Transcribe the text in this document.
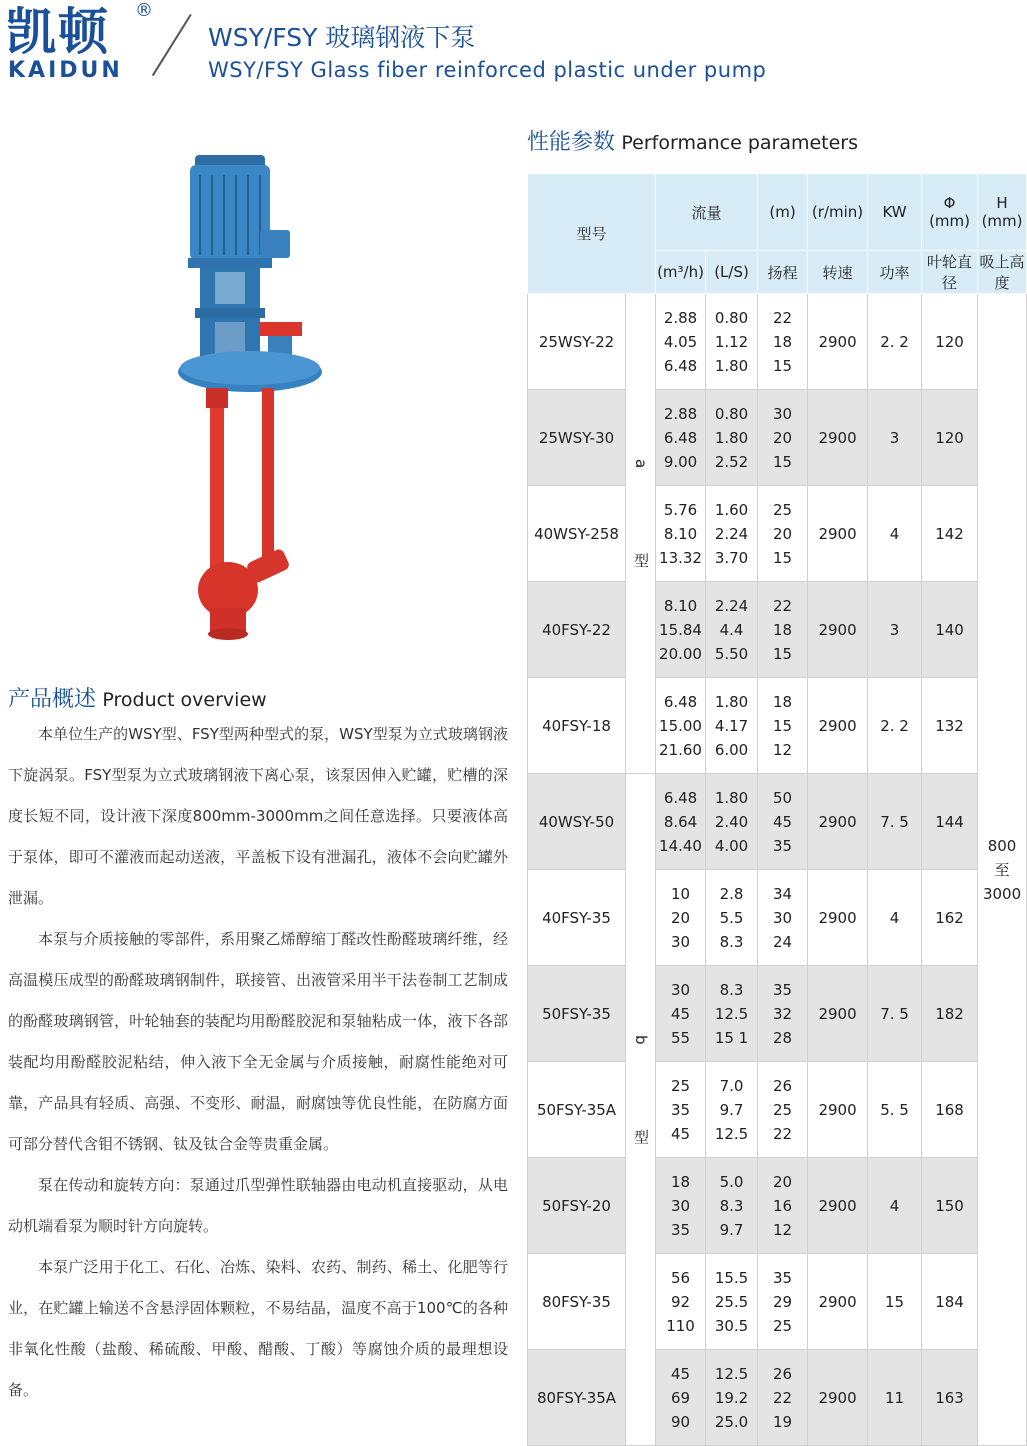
凯顿 ®
KAIDUN
WSY/FSY 玻璃钢液下泵
WSY/FSY Glass fiber reinforced plastic under pump
性能参数 Performance parameters
型号		流量		(m)	(r/min)	KW	Φ (mm)	H (mm)
		(m³/h)	(L/S)	扬程	转速	功率	叶轮直径	吸上高度
25WSY-22	a 型	2.88
4.05
6.48	0.80
1.12
1.80	22
18
15	2900	2. 2	120	800 至 3000
25WSY-30		2.88
6.48
9.00	0.80
1.80
2.52	30
20
15	2900	3	120	
40WSY-258		5.76
8.10
13.32	1.60
2.24
3.70	25
20
15	2900	4	142	
40FSY-22		8.10
15.84
20.00	2.24
4.4
5.50	22
18
15	2900	3	140	
40FSY-18		6.48
15.00
21.60	1.80
4.17
6.00	18
15
12	2900	2. 2	132	
40WSY-50	b 型	6.48
8.64
14.40	1.80
2.40
4.00	50
45
35	2900	7. 5	144	
40FSY-35		10
20
30	2.8
5.5
8.3	34
30
24	2900	4	162	
50FSY-35		30
45
55	8.3
12.5
15 1	35
32
28	2900	7. 5	182	
50FSY-35A		25
35
45	7.0
9.7
12.5	26
25
22	2900	5. 5	168	
50FSY-20		18
30
35	5.0
8.3
9.7	20
16
12	2900	4	150	
80FSY-35		56
92
110	15.5
25.5
30.5	35
29
25	2900	15	184	
80FSY-35A		45
69
90	12.5
19.2
25.0	26
22
19	2900	11	163	
产品概述 Product overview

本单位生产的WSY型、FSY型两种型式的泵，WSY型泵为立式玻璃钢液下旋涡泵。FSY型泵为立式玻璃钢液下离心泵，该泵因伸入贮罐，贮槽的深度长短不同，设计液下深度800mm-3000mm之间任意选择。只要液体高于泵体，即可不灌液而起动送液，平盖板下设有泄漏孔，液体不会向贮罐外泄漏。

本泵与介质接触的零部件，系用聚乙烯醇缩丁醛改性酚醛玻璃纤维，经高温模压成型的酚醛玻璃钢制件，联接管、出液管采用半干法卷制工艺制成的酚醛玻璃钢管，叶轮轴套的装配均用酚醛胶泥和泵轴粘成一体，液下各部装配均用酚醛胶泥粘结，伸入液下全无金属与介质接触，耐腐性能绝对可靠，产品具有轻质、高强、不变形、耐温，耐腐蚀等优良性能，在防腐方面可部分替代含钼不锈钢、钛及钛合金等贵重金属。

泵在传动和旋转方向：泵通过爪型弹性联轴器由电动机直接驱动，从电动机端看泵为顺时针方向旋转。

本泵广泛用于化工、石化、冶炼、染料、农药、制药、稀土、化肥等行业，在贮罐上输送不含悬浮固体颗粒，不易结晶，温度不高于100℃的各种非氧化性酸（盐酸、稀硫酸、甲酸、醋酸、丁酸）等腐蚀介质的最理想设备。
